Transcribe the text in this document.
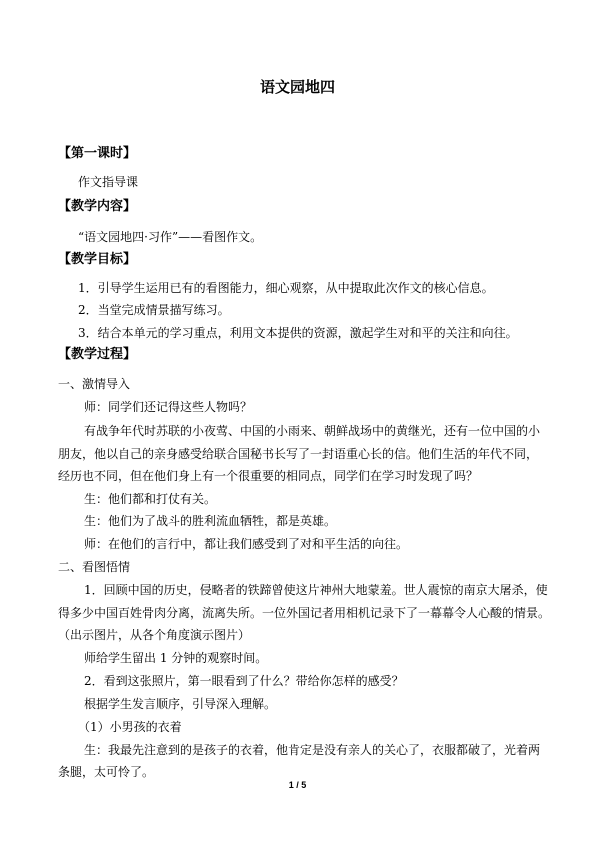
语文园地四
【第一课时】
作文指导课
【教学内容】
“语文园地四·习作”——看图作文。
【教学目标】
1．引导学生运用已有的看图能力，细心观察，从中提取此次作文的核心信息。
2．当堂完成情景描写练习。
3．结合本单元的学习重点，利用文本提供的资源，激起学生对和平的关注和向往。
【教学过程】
一、激情导入
师：同学们还记得这些人物吗？
有战争年代时苏联的小夜莺、中国的小雨来、朝鲜战场中的黄继光，还有一位中国的小
朋友，他以自己的亲身感受给联合国秘书长写了一封语重心长的信。他们生活的年代不同，
经历也不同，但在他们身上有一个很重要的相同点，同学们在学习时发现了吗？
生：他们都和打仗有关。
生：他们为了战斗的胜利流血牺牲，都是英雄。
师：在他们的言行中，都让我们感受到了对和平生活的向往。
二、看图悟情
1．回顾中国的历史，侵略者的铁蹄曾使这片神州大地蒙羞。世人震惊的南京大屠杀，使
得多少中国百姓骨肉分离，流离失所。一位外国记者用相机记录下了一幕幕令人心酸的情景。
（出示图片，从各个角度演示图片）
师给学生留出 1 分钟的观察时间。
2．看到这张照片，第一眼看到了什么？带给你怎样的感受？
根据学生发言顺序，引导深入理解。
（1）小男孩的衣着
生：我最先注意到的是孩子的衣着，他肯定是没有亲人的关心了，衣服都破了，光着两
条腿，太可怜了。
1 / 5
